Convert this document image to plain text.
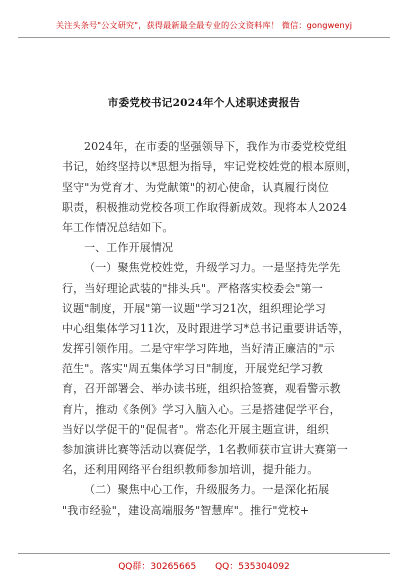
关注头条号"公文研究"，获得最新最全最专业的公文资料库！ 微信：gongwenyj
市委党校书记2024年个人述职述责报告
2024年，在市委的坚强领导下，我作为市委党校党组
书记，始终坚持以*思想为指导，牢记党校姓党的根本原则，
坚守"为党育才、为党献策"的初心使命，认真履行岗位
职责，积极推动党校各项工作取得新成效。现将本人2024
年工作情况总结如下。
一、工作开展情况
（一）聚焦党校姓党，升级学习力。一是坚持先学先
行，当好理论武装的"排头兵"。严格落实校委会"第一
议题"制度，开展"第一议题"学习21次，组织理论学习
中心组集体学习11次，及时跟进学习*总书记重要讲话等，
发挥引领作用。二是守牢学习阵地，当好清正廉洁的"示
范生"。落实"周五集体学习日"制度，开展党纪学习教
育，召开部署会、举办读书班，组织拾签赛，观看警示教
育片，推动《条例》学习入脑入心。三是搭建促学平台，
当好以学促干的"促侃者"。常态化开展主题宣讲，组织
参加演讲比赛等活动以赛促学，1名教师获市宣讲大赛第一
名，还利用网络平台组织教师参加培训，提升能力。
（二）聚焦中心工作，升级服务力。一是深化拓展
"我市经验"，建设高端服务"智慧库"。推行"党校+
QQ群：30265665 QQ：535304092
